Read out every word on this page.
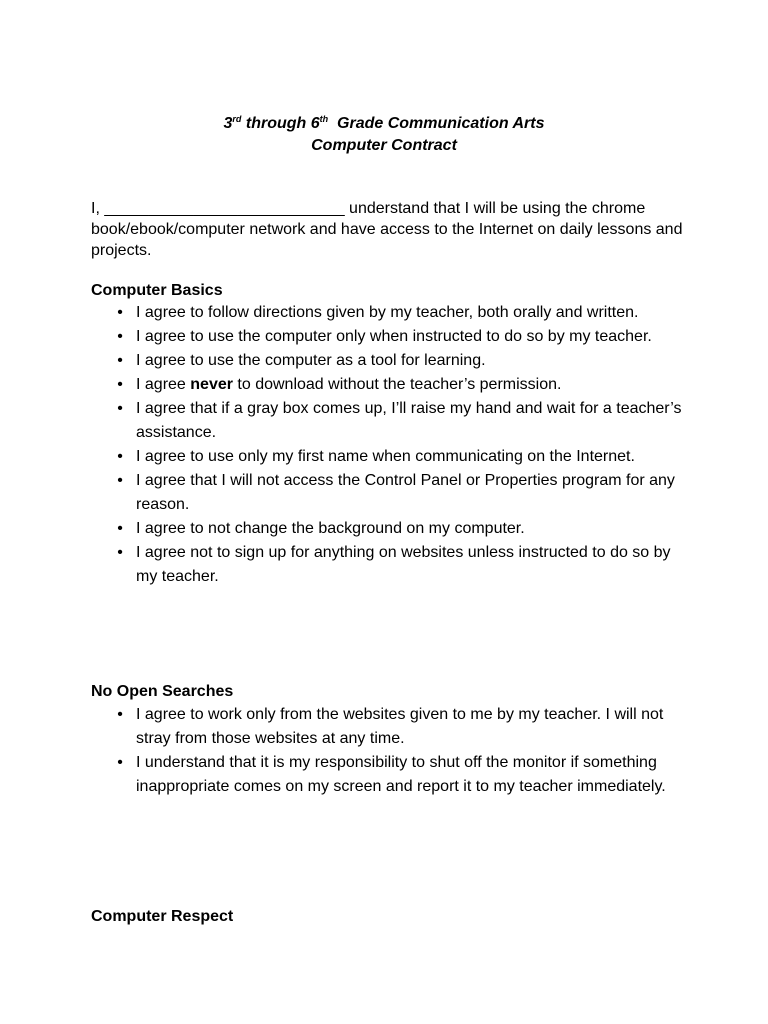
3rd through 6th  Grade Communication Arts
Computer Contract
I, ___________________________ understand that I will be using the chrome book/ebook/computer network and have access to the Internet on daily lessons and projects.
Computer Basics
• I agree to follow directions given by my teacher, both orally and written.
• I agree to use the computer only when instructed to do so by my teacher.
• I agree to use the computer as a tool for learning.
• I agree never to download without the teacher’s permission.
• I agree that if a gray box comes up, I’ll raise my hand and wait for a teacher’s assistance.
• I agree to use only my first name when communicating on the Internet.
• I agree that I will not access the Control Panel or Properties program for any reason.
• I agree to not change the background on my computer.
• I agree not to sign up for anything on websites unless instructed to do so by my teacher.
No Open Searches
• I agree to work only from the websites given to me by my teacher. I will not stray from those websites at any time.
• I understand that it is my responsibility to shut off the monitor if something inappropriate comes on my screen and report it to my teacher immediately.
Computer Respect
